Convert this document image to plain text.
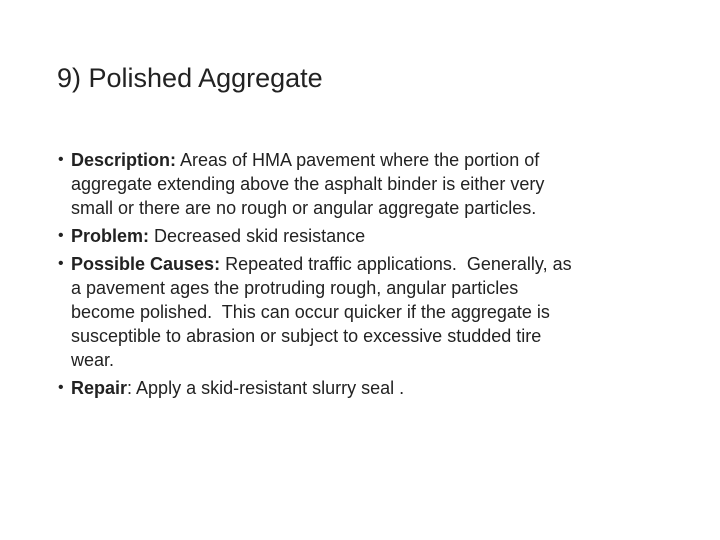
9) Polished Aggregate
• Description: Areas of HMA pavement where the portion of
aggregate extending above the asphalt binder is either very
small or there are no rough or angular aggregate particles.
• Problem: Decreased skid resistance
• Possible Causes: Repeated traffic applications.  Generally, as
a pavement ages the protruding rough, angular particles
become polished.  This can occur quicker if the aggregate is
susceptible to abrasion or subject to excessive studded tire
wear.
• Repair: Apply a skid-resistant slurry seal .
